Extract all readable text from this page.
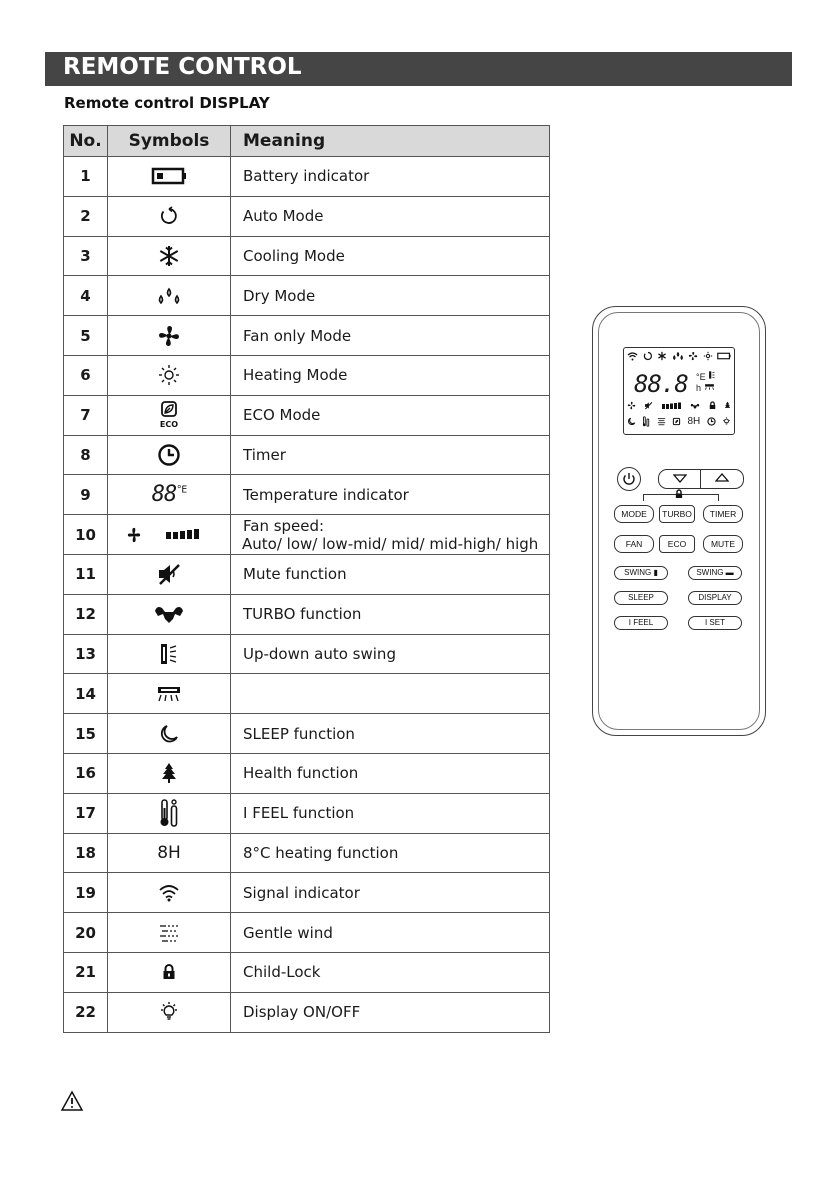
REMOTE CONTROL
Remote control DISPLAY
No.	Symbols	Meaning
1		Battery indicator
2		Auto Mode
3		Cooling Mode
4		Dry Mode
5		Fan only Mode
6		Heating Mode
7	ECO	ECO Mode
8		Timer
9	$88^{^\circ E}$	Temperature indicator
10		Fan speed:
Auto/ low/ low-mid/ mid/ mid-high/ high

11		Mute function
12		TURBO function
13		Up-down auto swing
14	

15		SLEEP function
16		Health function
17		I FEEL function
18	8H	8°C heating function
19		Signal indicator
20		Gentle wind
21		Child-Lock
22		Display ON/OFF
88.8 °E
h
8H
MODE	TURBO	TIMER
FAN	ECO	MUTE
SWING ▮	SWING ▬
SLEEP	DISPLAY
I FEEL	I SET
